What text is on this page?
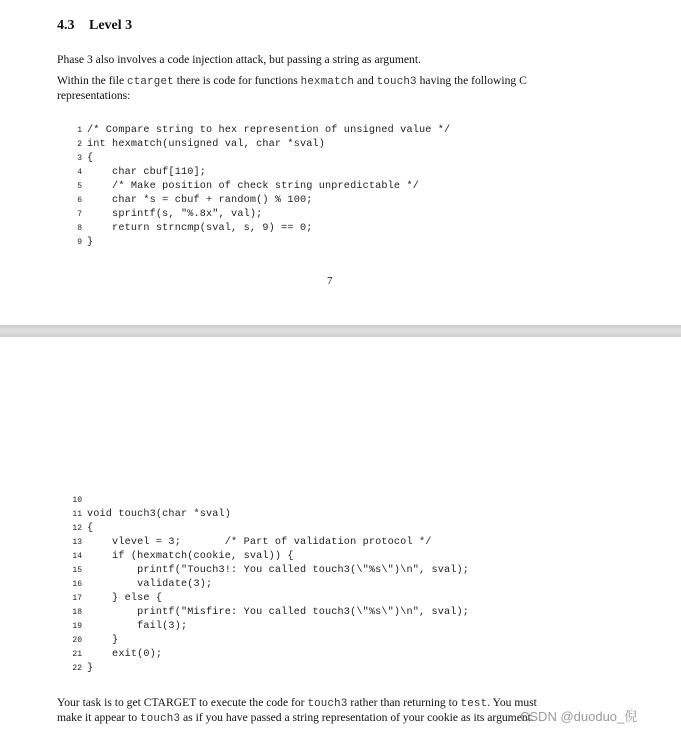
4.3 Level 3
Phase 3 also involves a code injection attack, but passing a string as argument.
Within the file ctarget there is code for functions hexmatch and touch3 having the following C
representations:
1 /* Compare string to hex represention of unsigned value */
2 int hexmatch(unsigned val, char *sval)
3 {
4 char cbuf[110];
5 /* Make position of check string unpredictable */
6 char *s = cbuf + random() % 100;
7 sprintf(s, "%.8x", val);
8 return strncmp(sval, s, 9) == 0;
9 }
7
10
11 void touch3(char *sval)
12 {
13 vlevel = 3;       /* Part of validation protocol */
14 if (hexmatch(cookie, sval)) {
15 printf("Touch3!: You called touch3(\"%s\")\n", sval);
16 validate(3);
17 } else {
18 printf("Misfire: You called touch3(\"%s\")\n", sval);
19 fail(3);
20 }
21 exit(0);
22 }
Your task is to get CTARGET to execute the code for touch3 rather than returning to test. You must
make it appear to touch3 as if you have passed a string representation of your cookie as its argument.
CSDN @duoduo_倪
